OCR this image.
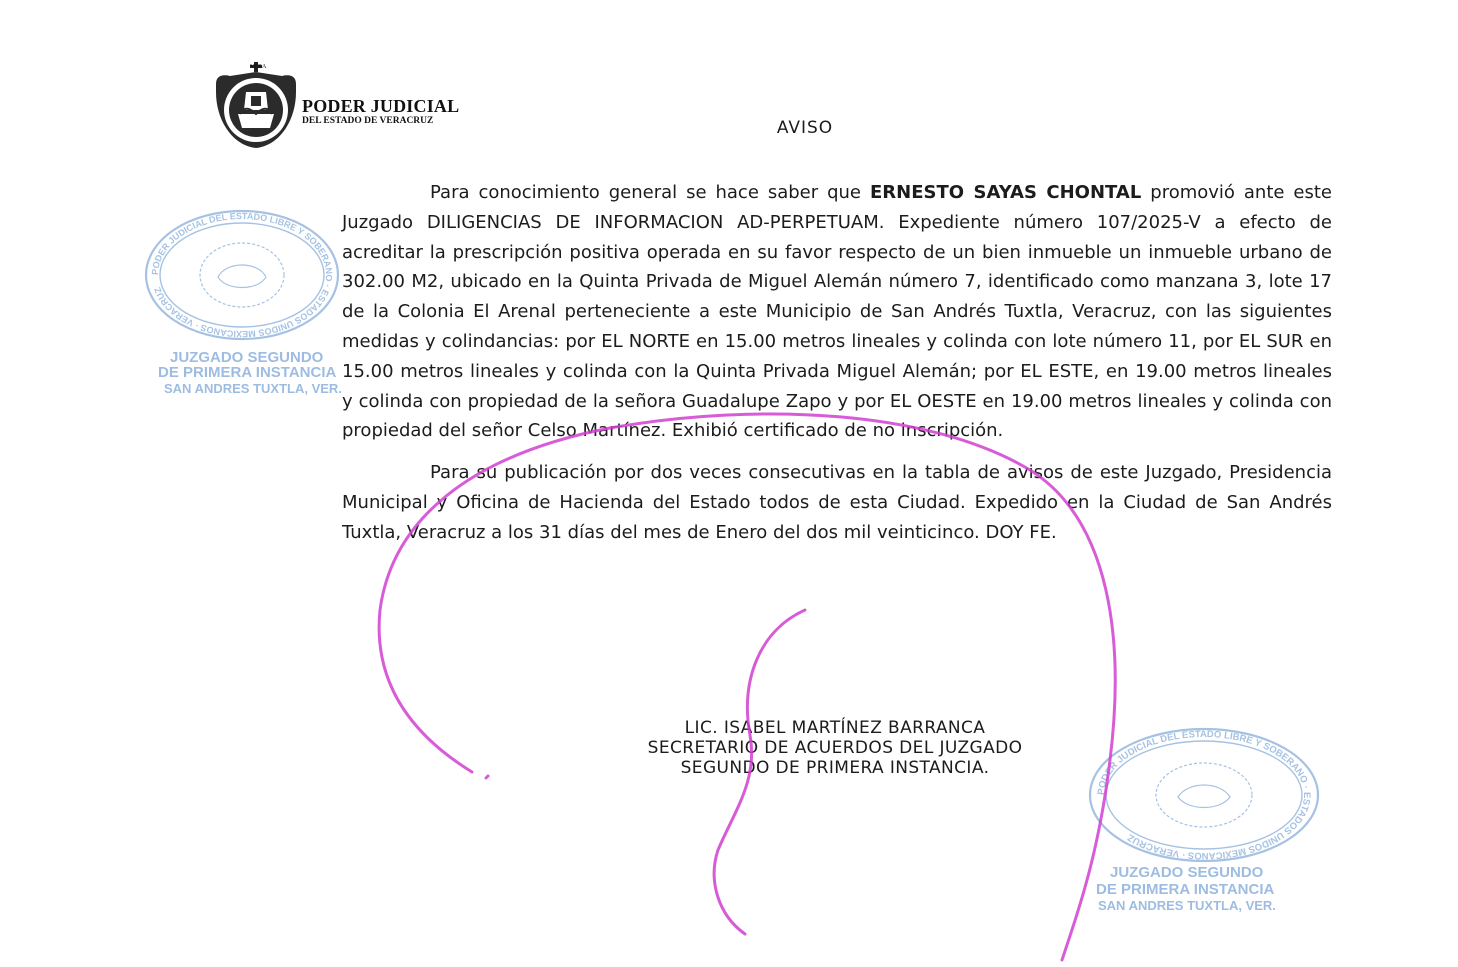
VERA
PODER JUDICIAL
DEL ESTADO DE VERACRUZ
PODER JUDICIAL DEL ESTADO LIBRE Y SOBERANO · ESTADOS UNIDOS MEXICANOS · VERACRUZ
JUZGADO SEGUNDO
DE PRIMERA INSTANCIA
SAN ANDRES TUXTLA, VER.
PODER JUDICIAL DEL ESTADO LIBRE Y SOBERANO · ESTADOS UNIDOS MEXICANOS · VERACRUZ
JUZGADO SEGUNDO
DE PRIMERA INSTANCIA
SAN ANDRES TUXTLA, VER.
AVISO

Para conocimiento general se hace saber que ERNESTO SAYAS CHONTAL promovió ante este Juzgado DILIGENCIAS DE INFORMACION AD-PERPETUAM. Expediente número 107/2025-V a efecto de acreditar la prescripción positiva operada en su favor respecto de un bien inmueble un inmueble urbano de 302.00 M2, ubicado en la Quinta Privada de Miguel Alemán número 7, identificado como manzana 3, lote 17 de la Colonia El Arenal perteneciente a este Municipio de San Andrés Tuxtla, Veracruz, con las siguientes medidas y colindancias: por EL NORTE en 15.00 metros lineales y colinda con lote número 11, por EL SUR en 15.00 metros lineales y colinda con la Quinta Privada Miguel Alemán; por EL ESTE, en 19.00 metros lineales y colinda con propiedad de la señora Guadalupe Zapo y por EL OESTE en 19.00 metros lineales y colinda con propiedad del señor Celso Martínez. Exhibió certificado de no inscripción.

Para su publicación por dos veces consecutivas en la tabla de avisos de este Juzgado, Presidencia Municipal y Oficina de Hacienda del Estado todos de esta Ciudad. Expedido en la Ciudad de San Andrés Tuxtla, Veracruz a los 31 días del mes de Enero del dos mil veinticinco. DOY FE.

LIC. ISABEL MARTÍNEZ BARRANCA
SECRETARIO DE ACUERDOS DEL JUZGADO
SEGUNDO DE PRIMERA INSTANCIA.
